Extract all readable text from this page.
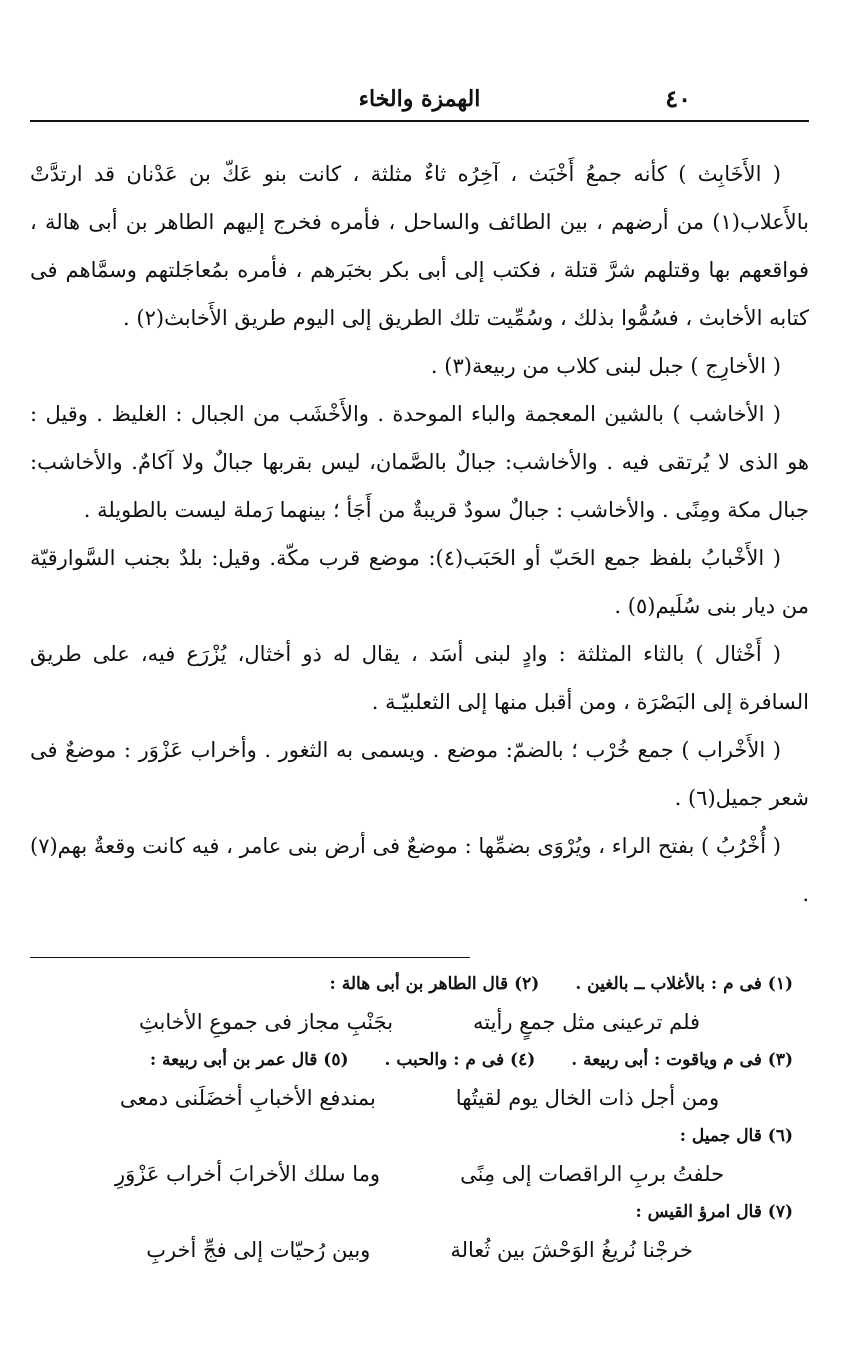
الهمزة والخاء	٤٠

( الأَخَابِث ) كأنه جمعُ أَخْبَث ، آخِرُه ثاءٌ مثلثة ، كانت بنو عَكّ بن عَدْنان قد ارتدَّتْ بالأَعلاب(١) من أرضهم ، بين الطائف والساحل ، فأمره فخرج إليهم الطاهر بن أبى هالة ، فواقعهم بها وقتلهم شرَّ قتلة ، فكتب إلى أبى بكر بخبَرهم ، فأمره بمُعاجَلتهم وسمَّاهم فى كتابه الأخابث ، فسُمُّوا بذلك ، وسُمِّيت تلك الطريق إلى اليوم طريق الأَخابث(٢) .

( الأخارِج ) جبل لبنى كلاب من ربيعة(٣) .

( الأخاشب ) بالشين المعجمة والباء الموحدة . والأَخْشَب من الجبال : الغليظ . وقيل : هو الذى لا يُرتقى فيه . والأخاشب: جبالٌ بالصَّمان، ليس بقربها جبالٌ ولا آكامٌ. والأخاشب: جبال مكة ومِنًى . والأخاشب : جبالٌ سودٌ قريبةٌ من أَجَأ ؛ بينهما رَملة ليست بالطويلة .

( الأَخْبابُ بلفظ جمع الحَبّ أو الحَبَب(٤): موضع قرب مكّة. وقيل: بلدٌ بجنب السَّوارقيّة من ديار بنى سُلَيم(٥) .

( أَخْثال ) بالثاء المثلثة : وادٍ لبنى أسَد ، يقال له ذو أخثال، يُزْرَع فيه، على طريق السافرة إلى البَصْرَة ، ومن أقبل منها إلى الثعلبيّـة .

( الأَخْراب ) جمع خُرْب ؛ بالضمّ: موضع . ويسمى به الثغور . وأخراب عَزْوَر : موضعٌ فى شعر جميل(٦) .

( أُخْرُبُ ) بفتح الراء ، ويُرْوَى بضمِّها : موضعٌ فى أرض بنى عامر ، فيه كانت وقعةٌ بهم(٧) .

(١) فى م : بالأغلاب ــ بالغين .
(٢) قال الطاهر بن أبى هالة :
فلم ترعينى مثل جمعٍ رأيته
بجَنْبِ مجاز فى جموعِ الأخابثِ
(٣) فى م وياقوت : أبى ربيعة .
(٤) فى م : والحبب .
(٥) قال عمر بن أبى ربيعة :
ومن أجل ذات الخال يوم لقيتُها
بمندفع الأخبابِ أخضَلَنى دمعى
(٦) قال جميل :
حلفتُ بربِ الراقصات إلى مِنًى
وما سلك الأخرابَ أخراب عَزْوَرِ
(٧) قال امرؤ القيس :
خرجْنا نُريغُ الوَحْشَ بين ثُعالة
وبين رُحيّات إلى فجِّ أخربِ
